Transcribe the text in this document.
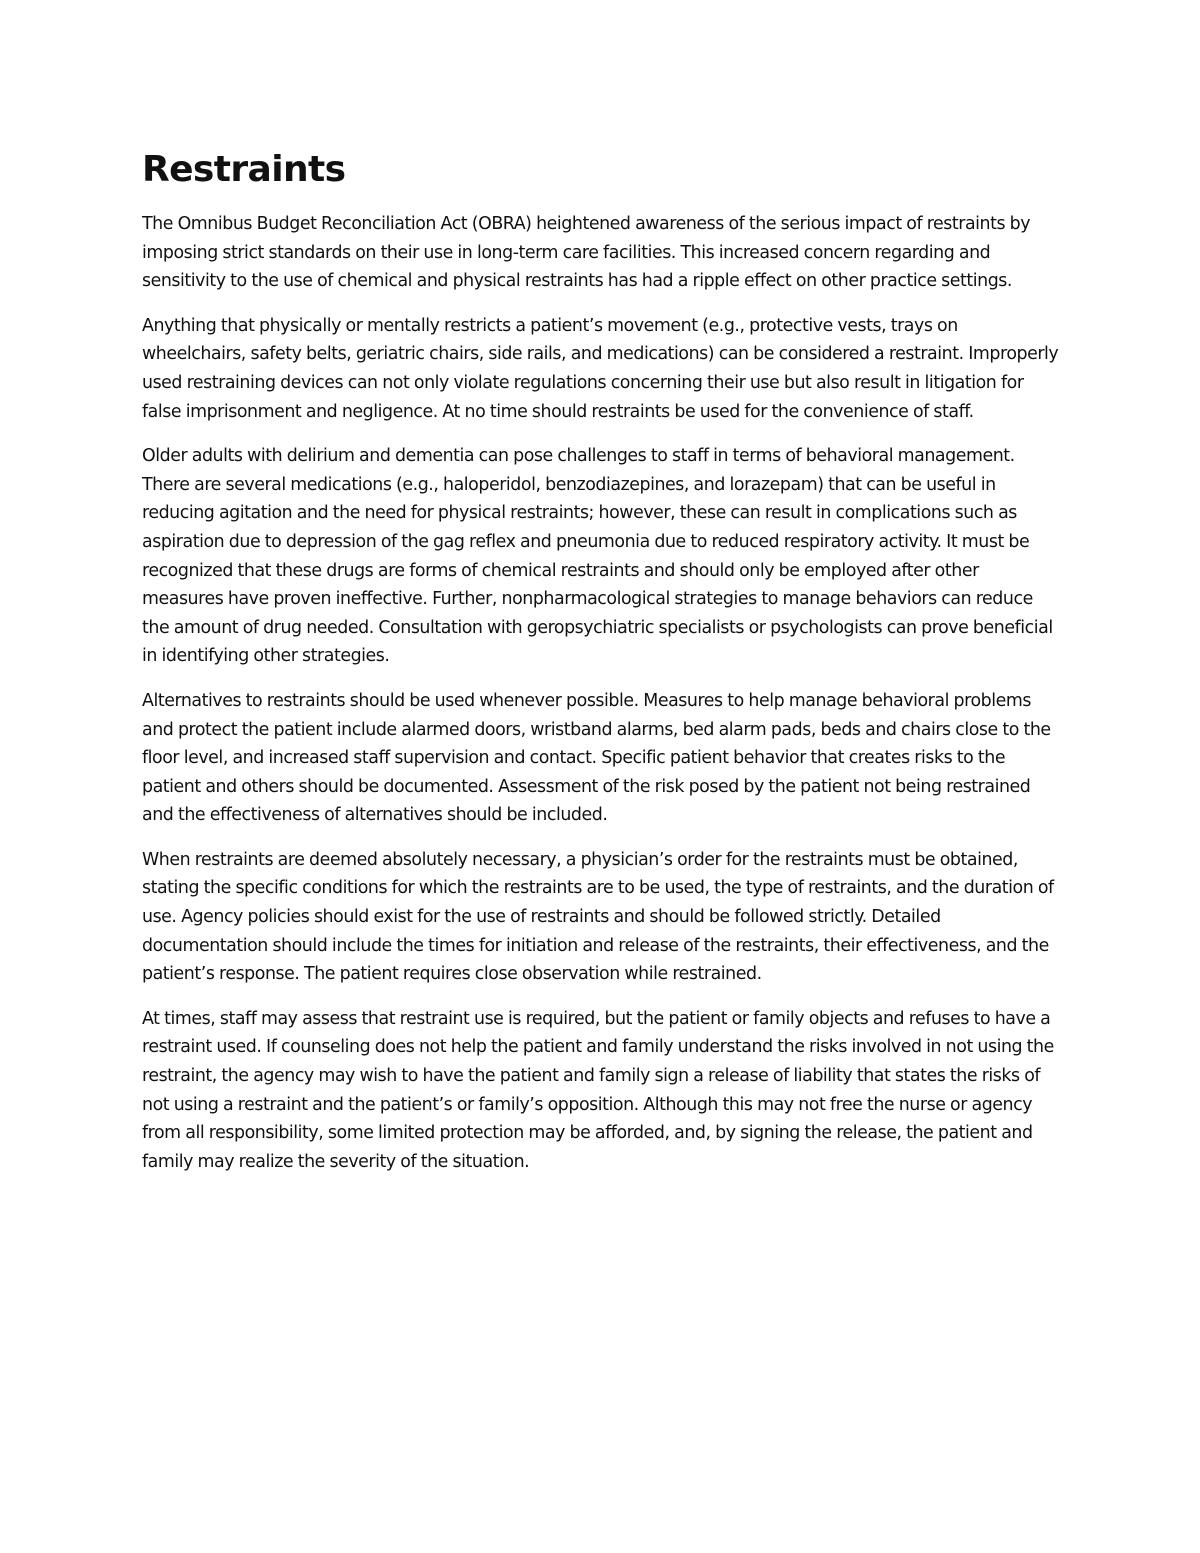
Restraints

The Omnibus Budget Reconciliation Act (OBRA) heightened awareness of the serious impact of restraints by imposing strict standards on their use in long-term care facilities. This increased concern regarding and sensitivity to the use of chemical and physical restraints has had a ripple effect on other practice settings.

Anything that physically or mentally restricts a patient’s movement (e.g., protective vests, trays on wheelchairs, safety belts, geriatric chairs, side rails, and medications) can be considered a restraint. Improperly used restraining devices can not only violate regulations concerning their use but also result in litigation for false imprisonment and negligence. At no time should restraints be used for the convenience of staff.

Older adults with delirium and dementia can pose challenges to staff in terms of behavioral management. There are several medications (e.g., haloperidol, benzodiazepines, and lorazepam) that can be useful in reducing agitation and the need for physical restraints; however, these can result in complications such as aspiration due to depression of the gag reflex and pneumonia due to reduced respiratory activity. It must be recognized that these drugs are forms of chemical restraints and should only be employed after other measures have proven ineffective. Further, nonpharmacological strategies to manage behaviors can reduce the amount of drug needed. Consultation with geropsychiatric specialists or psychologists can prove beneficial in identifying other strategies.

Alternatives to restraints should be used whenever possible. Measures to help manage behavioral problems and protect the patient include alarmed doors, wristband alarms, bed alarm pads, beds and chairs close to the floor level, and increased staff supervision and contact. Specific patient behavior that creates risks to the patient and others should be documented. Assessment of the risk posed by the patient not being restrained and the effectiveness of alternatives should be included.

When restraints are deemed absolutely necessary, a physician’s order for the restraints must be obtained, stating the specific conditions for which the restraints are to be used, the type of restraints, and the duration of use. Agency policies should exist for the use of restraints and should be followed strictly. Detailed documentation should include the times for initiation and release of the restraints, their effectiveness, and the patient’s response. The patient requires close observation while restrained.

At times, staff may assess that restraint use is required, but the patient or family objects and refuses to have a restraint used. If counseling does not help the patient and family understand the risks involved in not using the restraint, the agency may wish to have the patient and family sign a release of liability that states the risks of not using a restraint and the patient’s or family’s opposition. Although this may not free the nurse or agency from all responsibility, some limited protection may be afforded, and, by signing the release, the patient and family may realize the severity of the situation.
